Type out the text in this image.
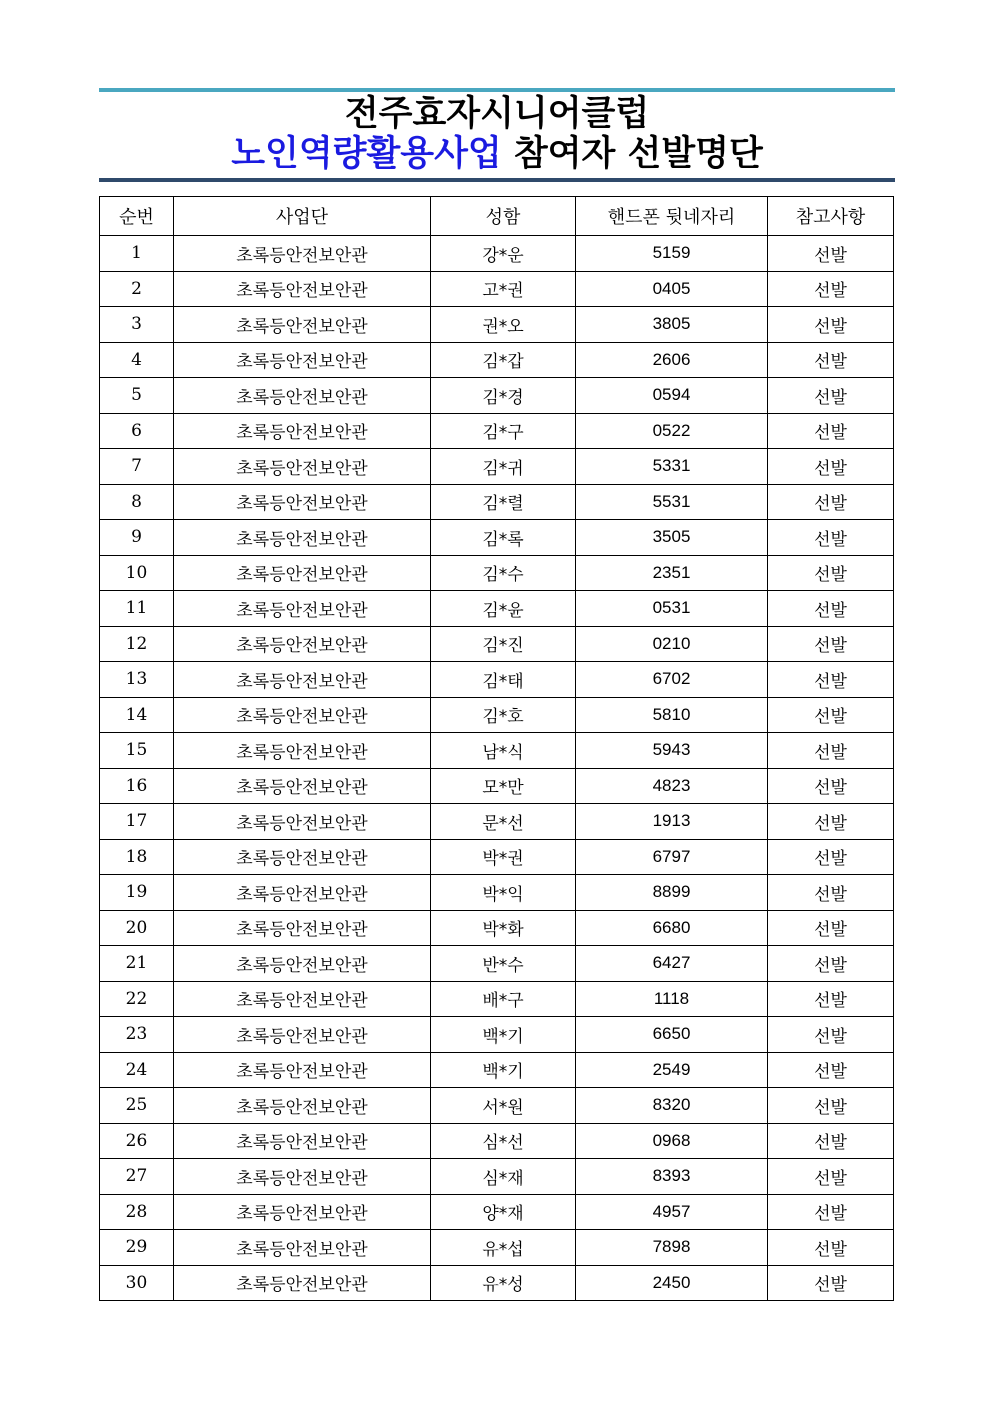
전주효자시니어클럽
노인역량활용사업 참여자 선발명단
순번	사업단	성함	핸드폰 뒷네자리	참고사항
1	초록등안전보안관	강*운	5159	선발
2	초록등안전보안관	고*권	0405	선발
3	초록등안전보안관	권*오	3805	선발
4	초록등안전보안관	김*갑	2606	선발
5	초록등안전보안관	김*경	0594	선발
6	초록등안전보안관	김*구	0522	선발
7	초록등안전보안관	김*귀	5331	선발
8	초록등안전보안관	김*렬	5531	선발
9	초록등안전보안관	김*록	3505	선발
10	초록등안전보안관	김*수	2351	선발
11	초록등안전보안관	김*윤	0531	선발
12	초록등안전보안관	김*진	0210	선발
13	초록등안전보안관	김*태	6702	선발
14	초록등안전보안관	김*호	5810	선발
15	초록등안전보안관	남*식	5943	선발
16	초록등안전보안관	모*만	4823	선발
17	초록등안전보안관	문*선	1913	선발
18	초록등안전보안관	박*권	6797	선발
19	초록등안전보안관	박*익	8899	선발
20	초록등안전보안관	박*화	6680	선발
21	초록등안전보안관	반*수	6427	선발
22	초록등안전보안관	배*구	1118	선발
23	초록등안전보안관	백*기	6650	선발
24	초록등안전보안관	백*기	2549	선발
25	초록등안전보안관	서*원	8320	선발
26	초록등안전보안관	심*선	0968	선발
27	초록등안전보안관	심*재	8393	선발
28	초록등안전보안관	양*재	4957	선발
29	초록등안전보안관	유*섭	7898	선발
30	초록등안전보안관	유*성	2450	선발
